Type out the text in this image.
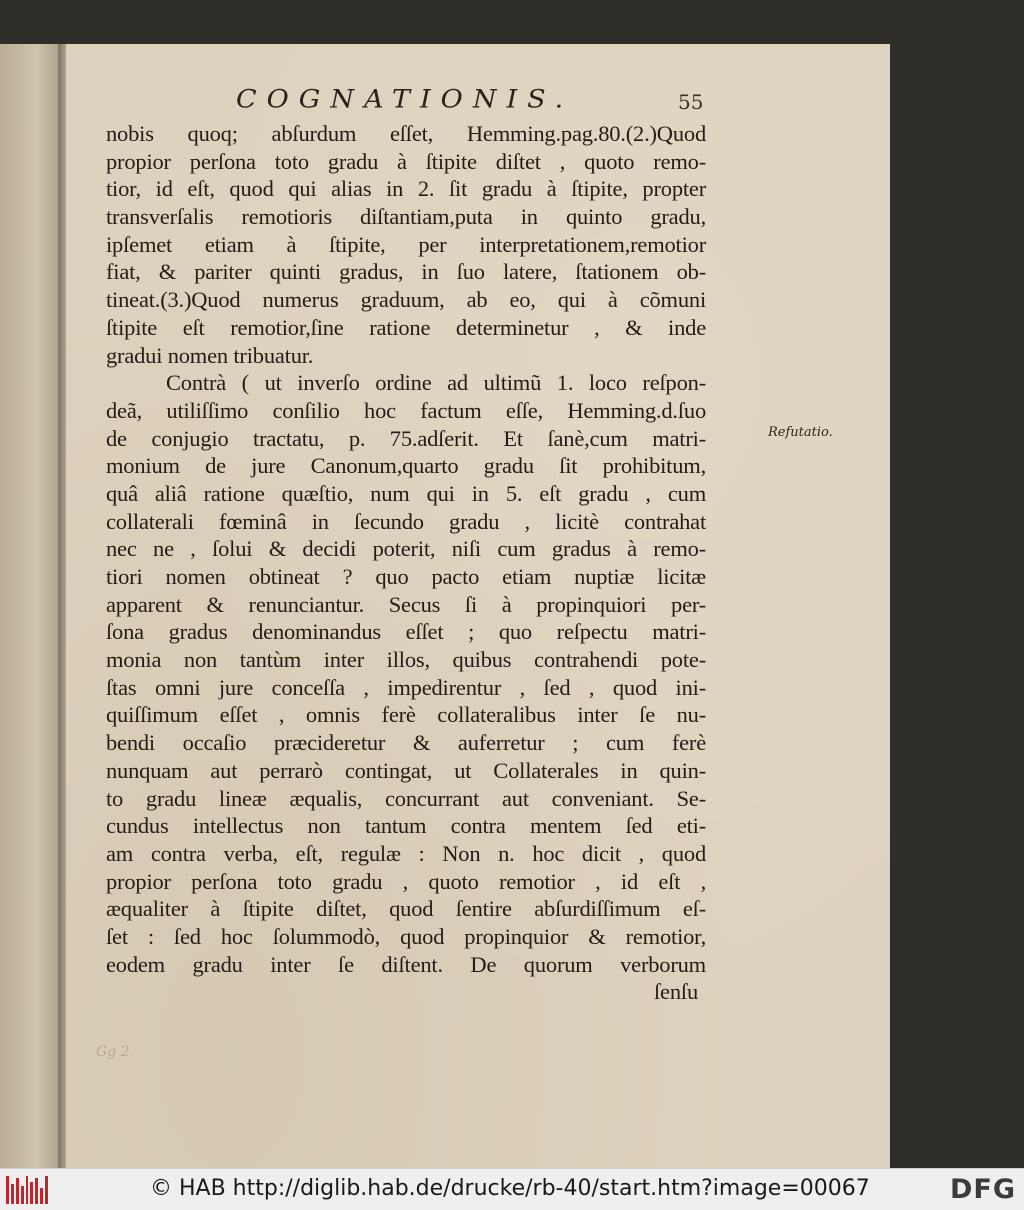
COGNATIONIS.	55
nobis quoq; abſurdum eſſet, Hemming.pag.80.(2.)Quod
propior perſona toto gradu à ſtipite diſtet , quoto remo-
tior, id eſt, quod qui alias in 2. ſit gradu à ſtipite, propter
transverſalis remotioris diſtantiam,puta in quinto gradu,
ipſemet etiam à ſtipite, per interpretationem,remotior
fiat, & pariter quinti gradus, in ſuo latere, ſtationem ob-
tineat.(3.)Quod numerus graduum, ab eo, qui à cõmuni
ſtipite eſt remotior,ſine ratione determinetur , & inde
gradui nomen tribuatur.
Contrà ( ut inverſo ordine ad ultimũ 1. loco reſpon-
deã, utiliſſimo conſilio hoc factum eſſe, Hemming.d.ſuo
de conjugio tractatu, p. 75.adſerit. Et ſanè,cum matri-
monium de jure Canonum,quarto gradu ſit prohibitum,
quâ aliâ ratione quæſtio, num qui in 5. eſt gradu , cum
collaterali fœminâ in ſecundo gradu , licitè contrahat
nec ne , ſolui & decidi poterit, niſi cum gradus à remo-
tiori nomen obtineat ? quo pacto etiam nuptiæ licitæ
apparent & renunciantur. Secus ſi à propinquiori per-
ſona gradus denominandus eſſet ; quo reſpectu matri-
monia non tantùm inter illos, quibus contrahendi pote-
ſtas omni jure conceſſa , impedirentur , ſed , quod ini-
quiſſimum eſſet , omnis ferè collateralibus inter ſe nu-
bendi occaſio præcideretur & auferretur ; cum ferè
nunquam aut perrarò contingat, ut Collaterales in quin-
to gradu lineæ æqualis, concurrant aut conveniant. Se-
cundus intellectus non tantum contra mentem ſed eti-
am contra verba, eſt, regulæ : Non n. hoc dicit , quod
propior perſona toto gradu , quoto remotior , id eſt ,
æqualiter à ſtipite diſtet, quod ſentire abſurdiſſimum eſ-
ſet : ſed hoc ſolummodò, quod propinquior & remotior,
eodem gradu inter ſe diſtent. De quorum verborum
ſenſu
Refutatio.
Gg 2
© HAB http://diglib.hab.de/drucke/rb-40/start.htm?image=00067	DFG
